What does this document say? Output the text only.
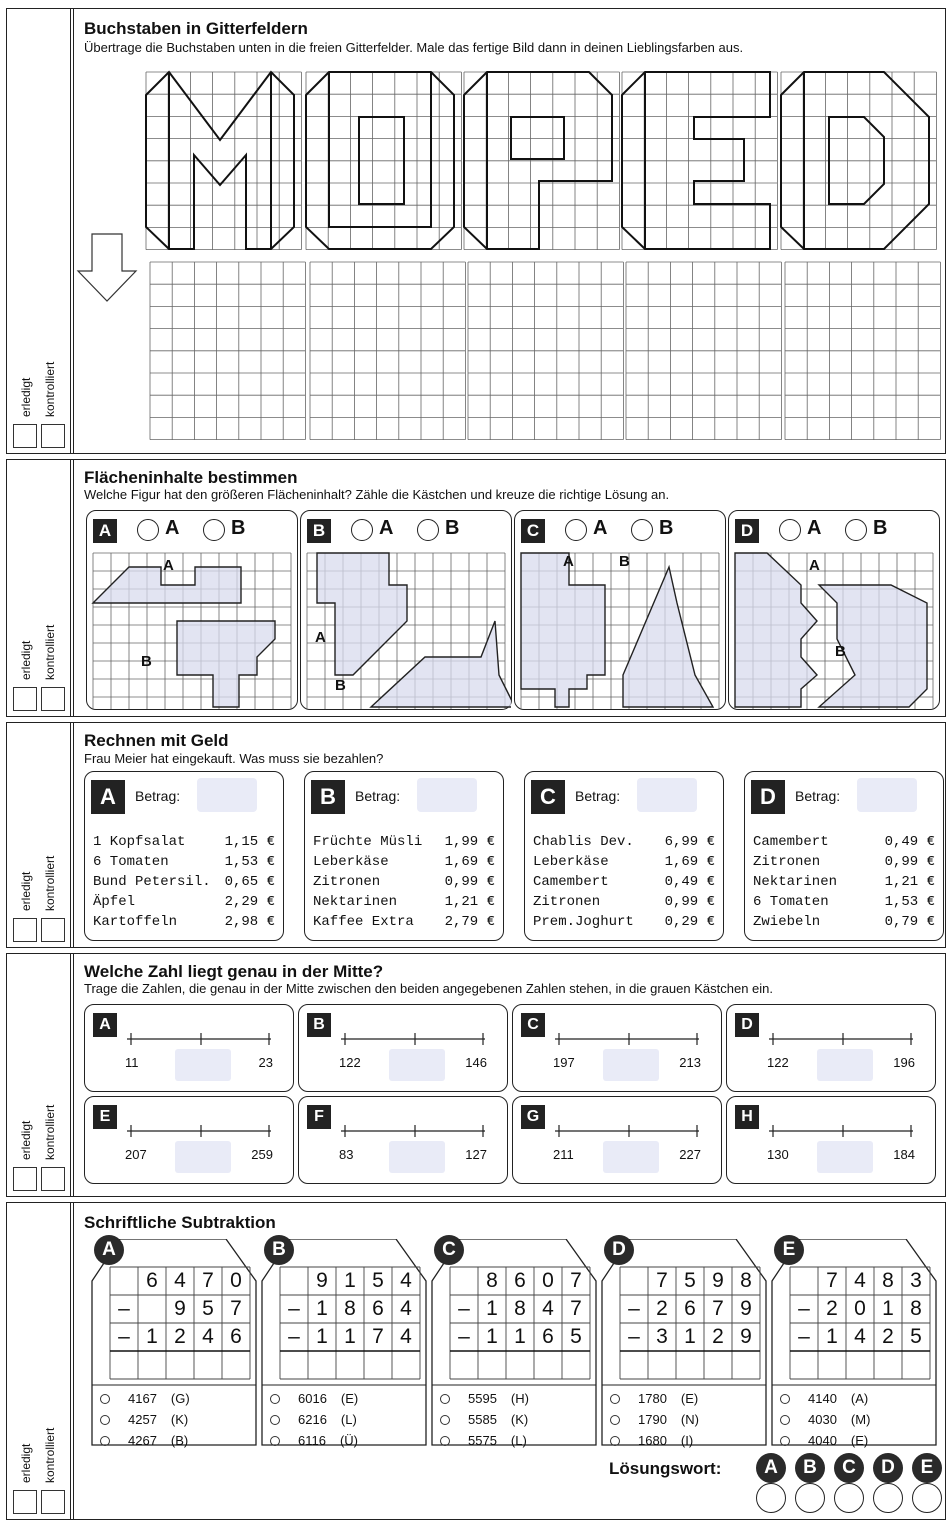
erledigt kontrolliert
Buchstaben in Gitterfeldern
Übertrage die Buchstaben unten in die freien Gitterfelder. Male das fertige Bild dann in deinen Lieblingsfarben aus.
erledigt kontrolliert
Flächeninhalte bestimmen
Welche Figur hat den größeren Flächeninhalt? Zähle die Kästchen und kreuze die richtige Lösung an.
A	A	B
A
B
B	A	B
A
B
C	A	B
A	B
D	A	B
A
B
erledigt kontrolliert
Rechnen mit Geld
Frau Meier hat eingekauft. Was muss sie bezahlen?
A	Betrag:
1 Kopfsalat	1,15 €
6 Tomaten	1,53 €
Bund Petersil. 0,65 €
Äpfel	2,29 €
Kartoffeln	2,98 €
B	Betrag:
Früchte Müsli 1,99 €
Leberkäse	1,69 €
Zitronen	0,99 €
Nektarinen	1,21 €
Kaffee Extra 2,79 €
C	Betrag:
Chablis Dev. 6,99 €
Leberkäse	1,69 €
Camembert	0,49 €
Zitronen	0,99 €
Prem.Joghurt 0,29 €
D	Betrag:
Camembert	0,49 €
Zitronen	0,99 €
Nektarinen	1,21 €
6 Tomaten	1,53 €
Zwiebeln	0,79 €
erledigt kontrolliert
Welche Zahl liegt genau in der Mitte?
Trage die Zahlen, die genau in der Mitte zwischen den beiden angegebenen Zahlen stehen, in die grauen Kästchen ein.
A
11	23
B
122	146
C
197	213
D
122	196
E
207	259
F
83	127
G
211	227
H
130	184
erledigt kontrolliert
Schriftliche Subtraktion
A
6 4 7 0
–	9 5 7
– 1 2 4 6
4167 (G)
4257 (K)
4267 (B)
B
9 1 5 4
– 1 8 6 4
– 1 1 7 4
6016 (E)
6216 (L)
6116 (Ü)
C
8 6 0 7
– 1 8 4 7
– 1 1 6 5
5595 (H)
5585 (K)
5575 (L)
D
7 5 9 8
– 2 6 7 9
– 3 1 2 9
1780 (E)
1790 (N)
1680 (I)
E
7 4 8 3
– 2 0 1 8
– 1 4 2 5
4140 (A)
4030 (M)
4040 (E)
Lösungswort:	A	B	C	D	E
